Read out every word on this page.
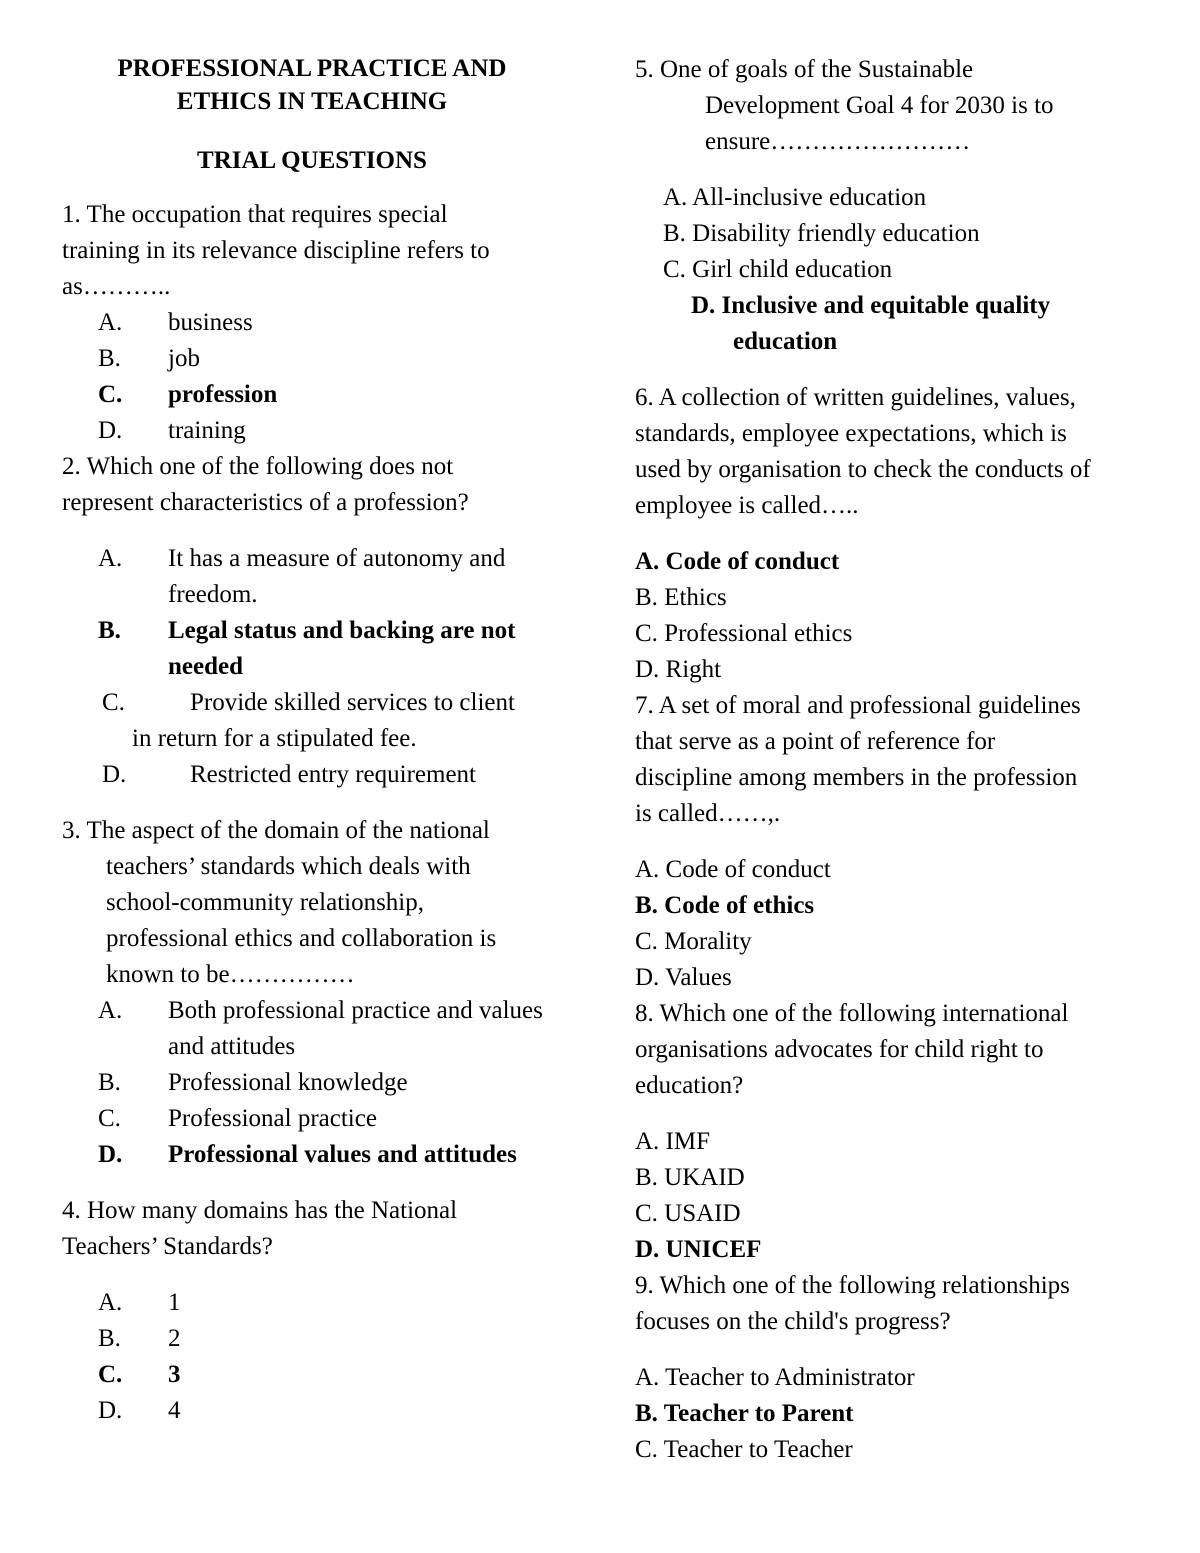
PROFESSIONAL PRACTICE AND

ETHICS IN TEACHING

TRIAL QUESTIONS

1. The occupation that requires special
training in its relevance discipline refers to
as………..
A.	business
B.	job
C.	profession
D.	training
2. Which one of the following does not
represent characteristics of a profession?
A.	It has a measure of autonomy and freedom.
B.	Legal status and backing are not needed
C.	Provide skilled services to client
in return for a stipulated fee.
D.	Restricted entry requirement
3. The aspect of the domain of the national
teachers’ standards which deals with
school-community relationship,
professional ethics and collaboration is
known to be……………
A.	Both professional practice and values and attitudes
B.	Professional knowledge
C.	Professional practice
D.	Professional values and attitudes
4. How many domains has the National
Teachers’ Standards?
A.	1
B.	2
C.	3
D.	4
5. One of goals of the Sustainable
Development Goal 4 for 2030 is to
ensure……………………
A. All-inclusive education
B. Disability friendly education
C. Girl child education
D. Inclusive and equitable quality education
6. A collection of written guidelines, values,
standards, employee expectations, which is
used by organisation to check the conducts of
employee is called…..
A. Code of conduct
B. Ethics
C. Professional ethics
D. Right
7. A set of moral and professional guidelines
that serve as a point of reference for
discipline among members in the profession
is called……,.
A. Code of conduct
B. Code of ethics
C. Morality
D. Values
8. Which one of the following international
organisations advocates for child right to
education?
A. IMF
B. UKAID
C. USAID
D. UNICEF
9. Which one of the following relationships
focuses on the child's progress?
A. Teacher to Administrator
B. Teacher to Parent
C. Teacher to Teacher
